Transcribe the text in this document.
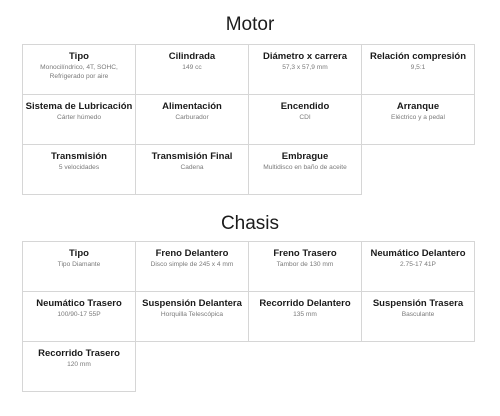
Motor
Tipo
Monocilíndrico, 4T, SOHC, Refrigerado por aire
Cilindrada
149 cc
Diámetro x carrera
57,3 x 57,9 mm
Relación compresión
9,5:1
Sistema de Lubricación
Cárter húmedo
Alimentación
Carburador
Encendido
CDI
Arranque
Eléctrico y a pedal
Transmisión
5 velocidades
Transmisión Final
Cadena
Embrague
Multidisco en baño de aceite
Chasis
Tipo
Tipo Diamante
Freno Delantero
Disco simple de 245 x 4 mm
Freno Trasero
Tambor de 130 mm
Neumático Delantero
2.75-17 41P
Neumático Trasero
100/90-17 55P
Suspensión Delantera
Horquilla Telescópica
Recorrido Delantero
135 mm
Suspensión Trasera
Basculante
Recorrido Trasero
120 mm
